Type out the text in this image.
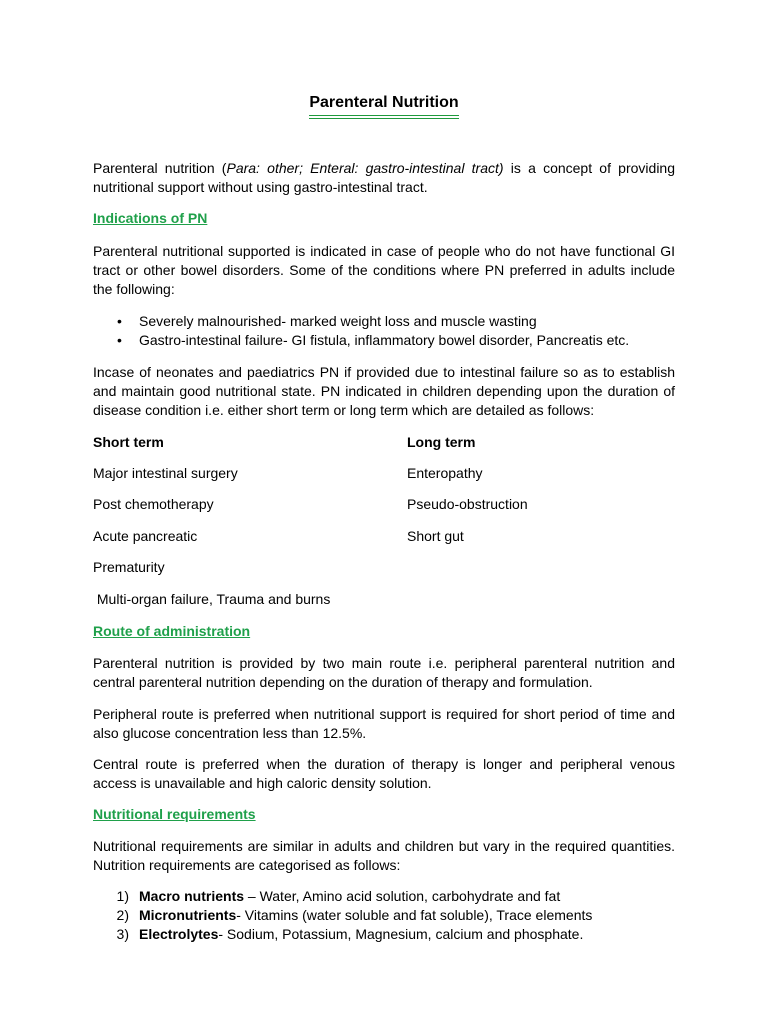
Parenteral Nutrition
Parenteral nutrition (Para: other; Enteral: gastro-intestinal tract) is a concept of providing nutritional support without using gastro-intestinal tract.
Indications of PN
Parenteral nutritional supported is indicated in case of people who do not have functional GI tract or other bowel disorders. Some of the conditions where PN preferred in adults include the following:
• Severely malnourished- marked weight loss and muscle wasting
• Gastro-intestinal failure- GI fistula, inflammatory bowel disorder, Pancreatis etc.
Incase of neonates and paediatrics PN if provided due to intestinal failure so as to establish and maintain good nutritional state. PN indicated in children depending upon the duration of disease condition i.e. either short term or long term which are detailed as follows:
Short term	Long term
Major intestinal surgery
Post chemotherapy
Acute pancreatic
Prematurity
Multi-organ failure, Trauma and burns
Enteropathy
Pseudo-obstruction
Short gut
Route of administration
Parenteral nutrition is provided by two main route i.e. peripheral parenteral nutrition and central parenteral nutrition depending on the duration of therapy and formulation.
Peripheral route is preferred when nutritional support is required for short period of time and also glucose concentration less than 12.5%.
Central route is preferred when the duration of therapy is longer and peripheral venous access is unavailable and high caloric density solution.
Nutritional requirements
Nutritional requirements are similar in adults and children but vary in the required quantities. Nutrition requirements are categorised as follows:
1) Macro nutrients – Water, Amino acid solution, carbohydrate and fat
2) Micronutrients- Vitamins (water soluble and fat soluble), Trace elements
3) Electrolytes- Sodium, Potassium, Magnesium, calcium and phosphate.
